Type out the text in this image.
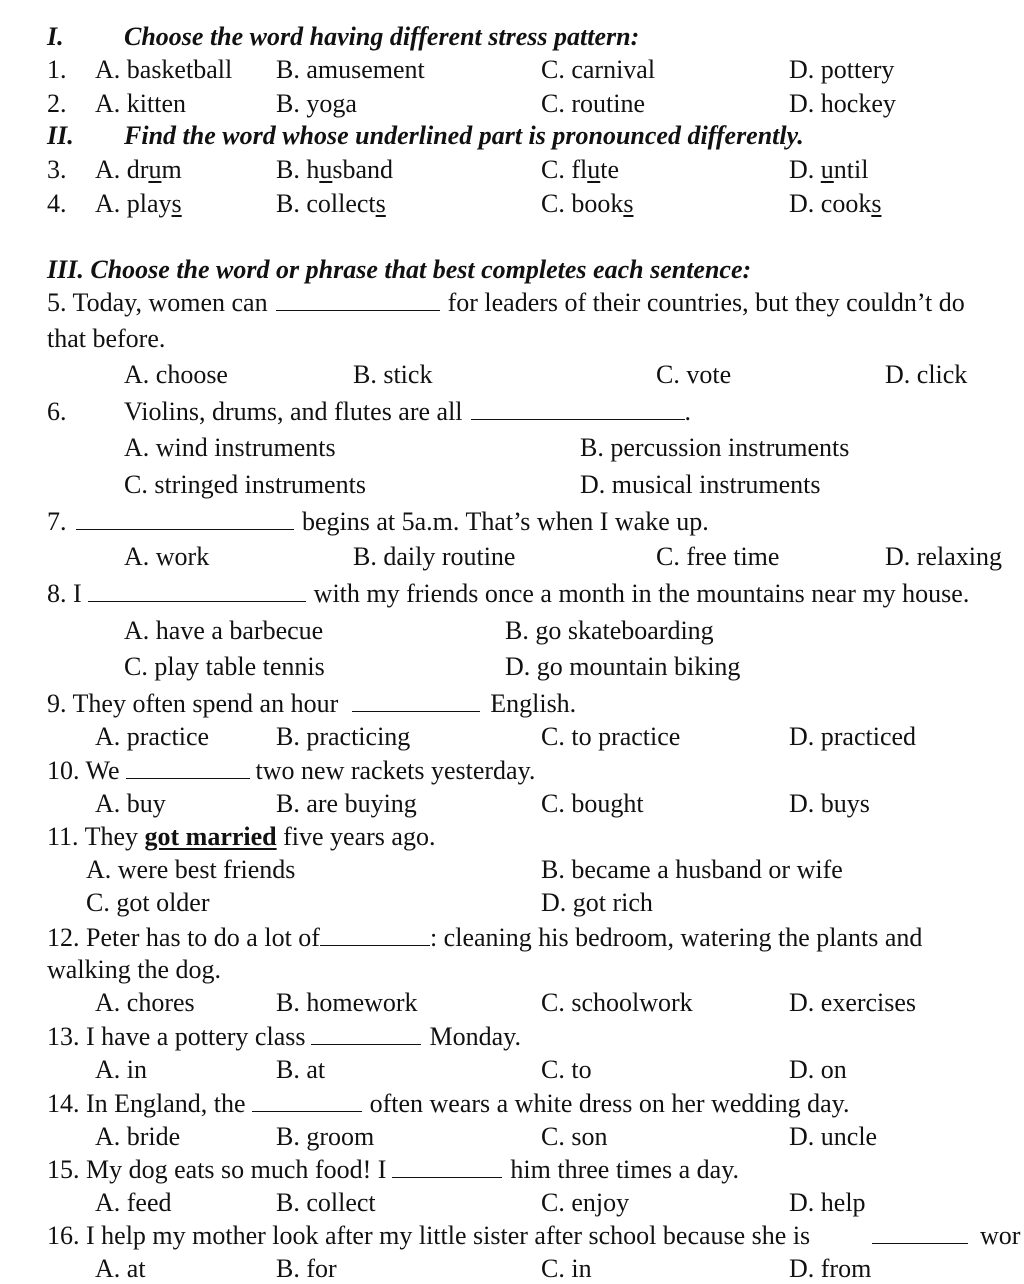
I. Choose the word having different stress pattern:
1. A. basketball B. amusement	C. carnival	D. pottery
2. A. kitten	B. yoga	C. routine	D. hockey
II. Find the word whose underlined part is pronounced differently.
3. A. drum	B. husband	C. flute	D. until
4. A. plays	B. collects	C. books	D. cooks
III. Choose the word or phrase that best completes each sentence:
5. Today, women can	for leaders of their countries, but they couldn’t do
that before.
A. choose	B. stick	C. vote	D. click
6. Violins, drums, and flutes are all	.
A. wind instruments	B. percussion instruments
C. stringed instruments	D. musical instruments
7.	begins at 5a.m. That’s when I wake up.
A. work	B. daily routine	C. free time	D. relaxing
8. I	with my friends once a month in the mountains near my house.
A. have a barbecue	B. go skateboarding
C. play table tennis	D. go mountain biking
9. They often spend an hour	English.
A. practice	B. practicing	C. to practice	D. practiced
10. We	two new rackets yesterday.
A. buy	B. are buying	C. bought	D. buys
11. They got married five years ago.
A. were best friends	B. became a husband or wife
C. got older	D. got rich
12. Peter has to do a lot of	: cleaning his bedroom, watering the plants and
walking the dog.
A. chores	B. homework	C. schoolwork	D. exercises
13. I have a pottery class	Monday.
A. in	B. at	C. to	D. on
14. In England, the	often wears a white dress on her wedding day.
A. bride	B. groom	C. son	D. uncle
15. My dog eats so much food! I	him three times a day.
A. feed	B. collect	C. enjoy	D. help
16. I help my mother look after my little sister after school because she is	wor
A. at	B. for	C. in	D. from
